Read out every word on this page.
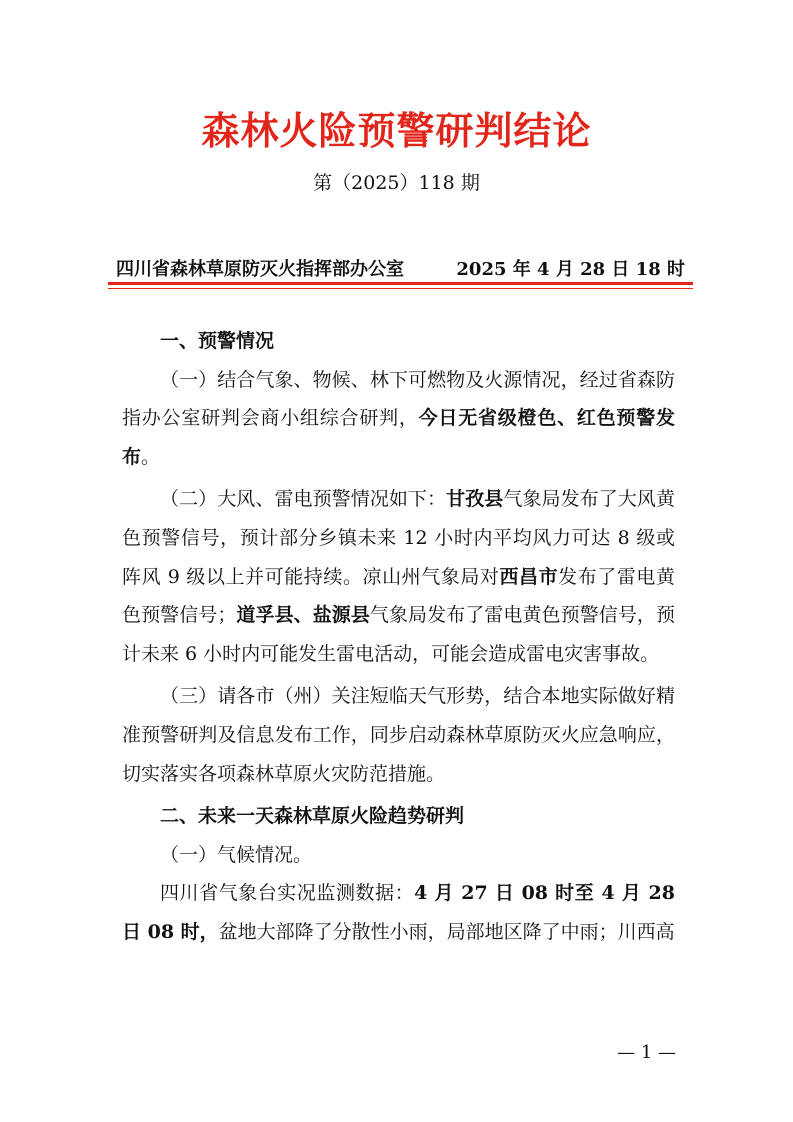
森林火险预警研判结论
第（2025）118 期
四川省森林草原防灭火指挥部办公室	2025 年 4 月 28 日 18 时

一、预警情况

（一）结合气象、物候、林下可燃物及火源情况，经过省森防指办公室研判会商小组综合研判，今日无省级橙色、红色预警发布。

（二）大风、雷电预警情况如下：甘孜县气象局发布了大风黄色预警信号，预计部分乡镇未来 12 小时内平均风力可达 8 级或阵风 9 级以上并可能持续。凉山州气象局对西昌市发布了雷电黄色预警信号；道孚县、盐源县气象局发布了雷电黄色预警信号，预计未来 6 小时内可能发生雷电活动，可能会造成雷电灾害事故。

（三）请各市（州）关注短临天气形势，结合本地实际做好精准预警研判及信息发布工作，同步启动森林草原防灭火应急响应，切实落实各项森林草原火灾防范措施。

二、未来一天森林草原火险趋势研判

（一）气候情况。

四川省气象台实况监测数据：4 月 27 日 08 时至 4 月 28 日 08 时，盆地大部降了分散性小雨，局部地区降了中雨；川西高

— 1 —
